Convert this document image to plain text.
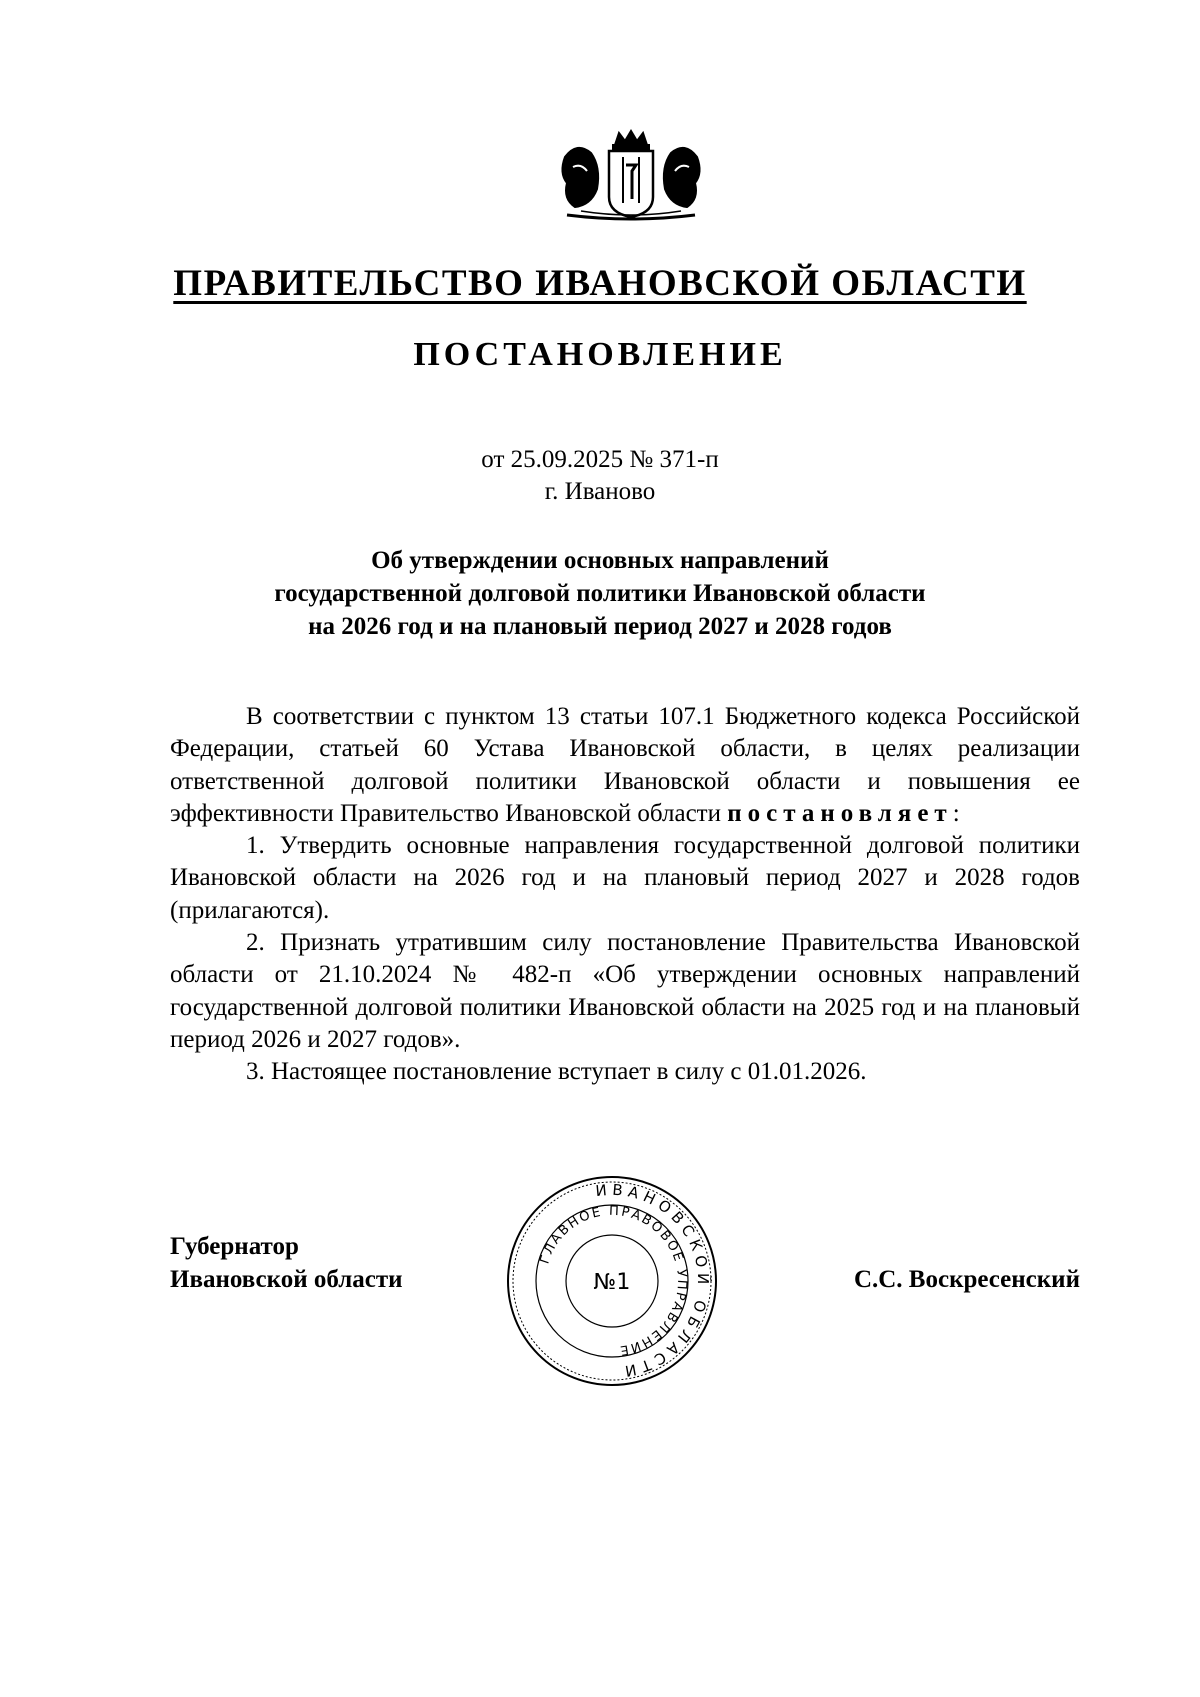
ПРАВИТЕЛЬСТВО ИВАНОВСКОЙ ОБЛАСТИ
ПОСТАНОВЛЕНИЕ
от 25.09.2025 № 371-п
г. Иваново
Об утверждении основных направлений
государственной долговой политики Ивановской области
на 2026 год и на плановый период 2027 и 2028 годов

В соответствии с пунктом 13 статьи 107.1 Бюджетного кодекса Российской Федерации, статьей 60 Устава Ивановской области, в целях реализации ответственной долговой политики Ивановской области и повышения ее эффективности Правительство Ивановской области постановляет:

1. Утвердить основные направления государственной долговой политики Ивановской области на 2026 год и на плановый период 2027 и 2028 годов (прилагаются).

2. Признать утратившим силу постановление Правительства Ивановской области от 21.10.2024 № 482-п «Об утверждении основных направлений государственной долговой политики Ивановской области на 2025 год и на плановый период 2026 и 2027 годов».

3. Настоящее постановление вступает в силу с 01.01.2026.

Губернатор
Ивановской области
ИВАНОВСКОЙ ОБЛАСТИ
ГЛАВНОЕ ПРАВОВОЕ УПРАВЛЕНИЕ
№1	С.С. Воскресенский
